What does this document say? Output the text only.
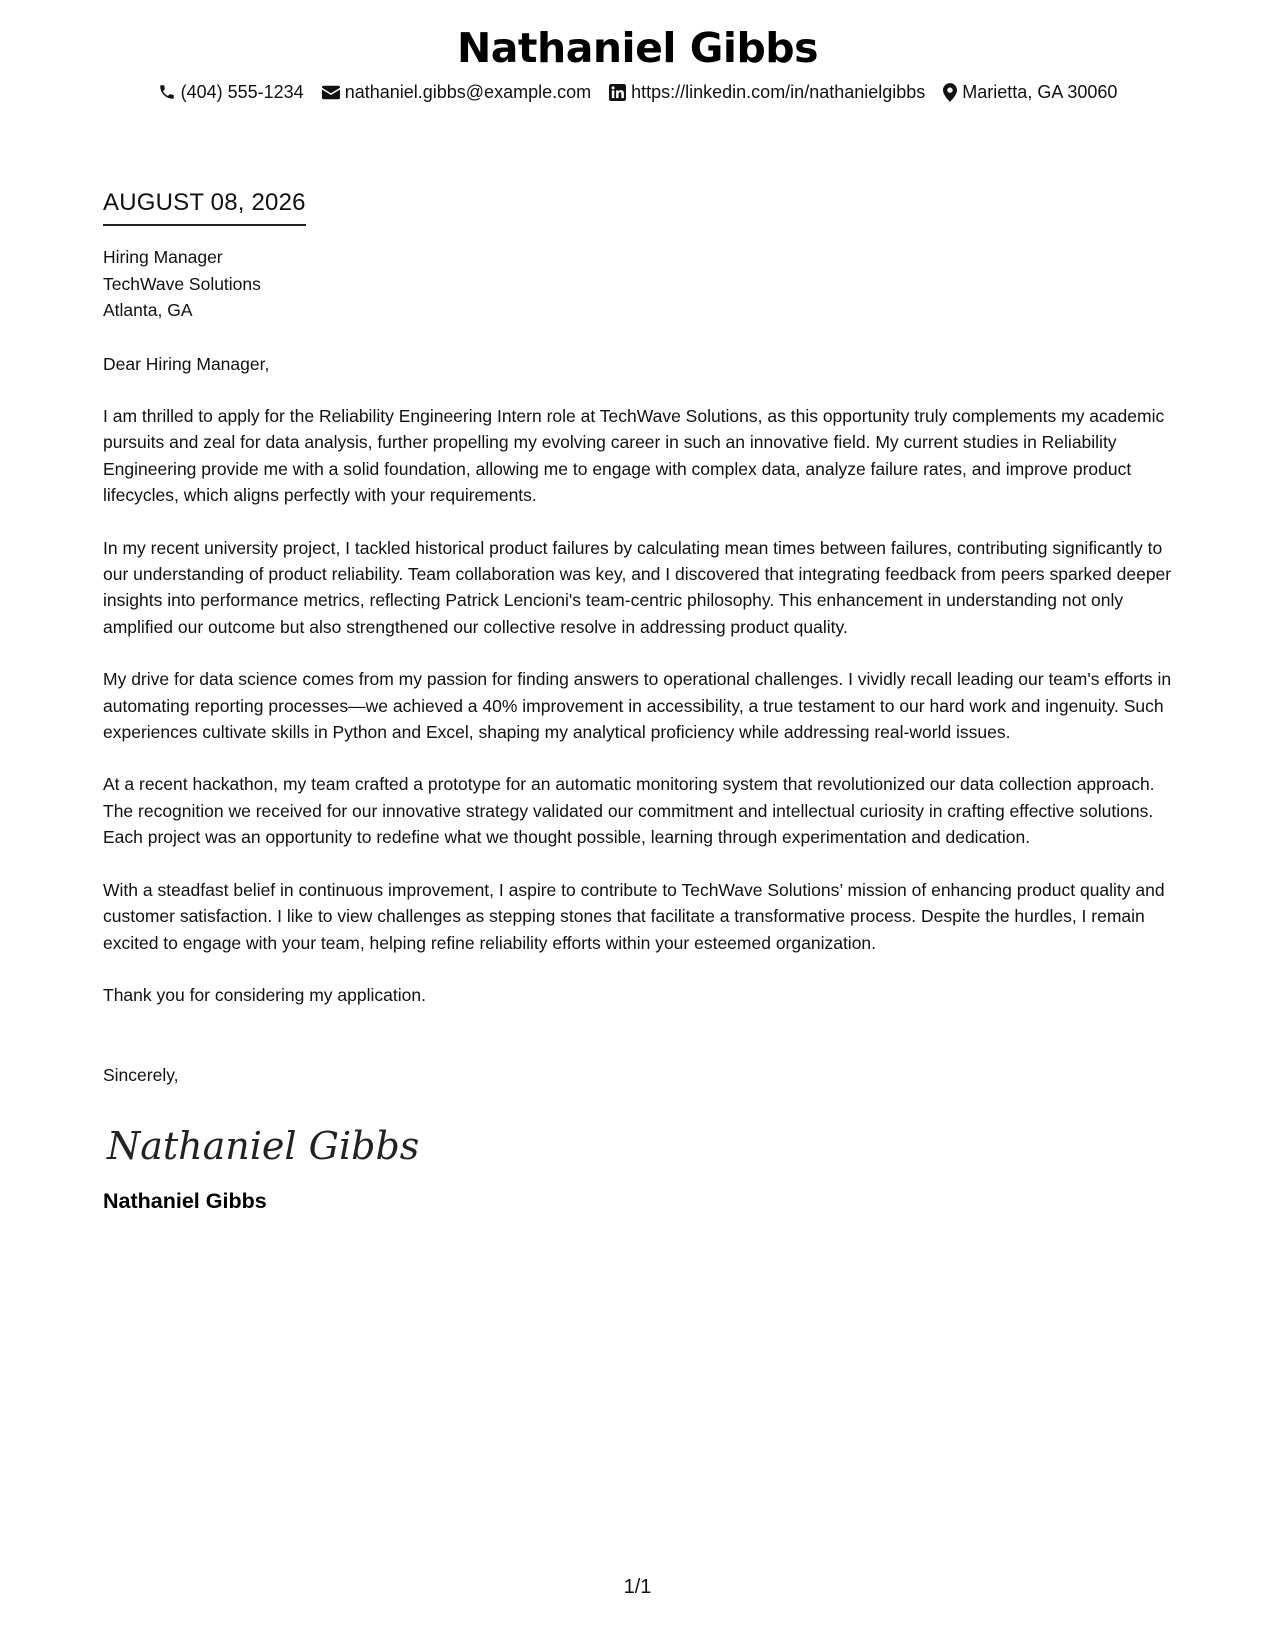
Nathaniel Gibbs
(404) 555-1234 nathaniel.gibbs@example.com https://linkedin.com/in/nathanielgibbs Marietta, GA 30060
AUGUST 08, 2026
Hiring Manager
TechWave Solutions
Atlanta, GA
Dear Hiring Manager,

I am thrilled to apply for the Reliability Engineering Intern role at TechWave Solutions, as this opportunity truly complements my academic pursuits and zeal for data analysis, further propelling my evolving career in such an innovative field. My current studies in Reliability Engineering provide me with a solid foundation, allowing me to engage with complex data, analyze failure rates, and improve product lifecycles, which aligns perfectly with your requirements.

In my recent university project, I tackled historical product failures by calculating mean times between failures, contributing significantly to our understanding of product reliability. Team collaboration was key, and I discovered that integrating feedback from peers sparked deeper insights into performance metrics, reflecting Patrick Lencioni's team-centric philosophy. This enhancement in understanding not only amplified our outcome but also strengthened our collective resolve in addressing product quality.

My drive for data science comes from my passion for finding answers to operational challenges. I vividly recall leading our team's efforts in automating reporting processes—we achieved a 40% improvement in accessibility, a true testament to our hard work and ingenuity. Such experiences cultivate skills in Python and Excel, shaping my analytical proficiency while addressing real-world issues.

At a recent hackathon, my team crafted a prototype for an automatic monitoring system that revolutionized our data collection approach. The recognition we received for our innovative strategy validated our commitment and intellectual curiosity in crafting effective solutions. Each project was an opportunity to redefine what we thought possible, learning through experimentation and dedication.

With a steadfast belief in continuous improvement, I aspire to contribute to TechWave Solutions’ mission of enhancing product quality and customer satisfaction. I like to view challenges as stepping stones that facilitate a transformative process. Despite the hurdles, I remain excited to engage with your team, helping refine reliability efforts within your esteemed organization.

Thank you for considering my application.
Sincerely,
Nathaniel Gibbs
Nathaniel Gibbs
1/1
